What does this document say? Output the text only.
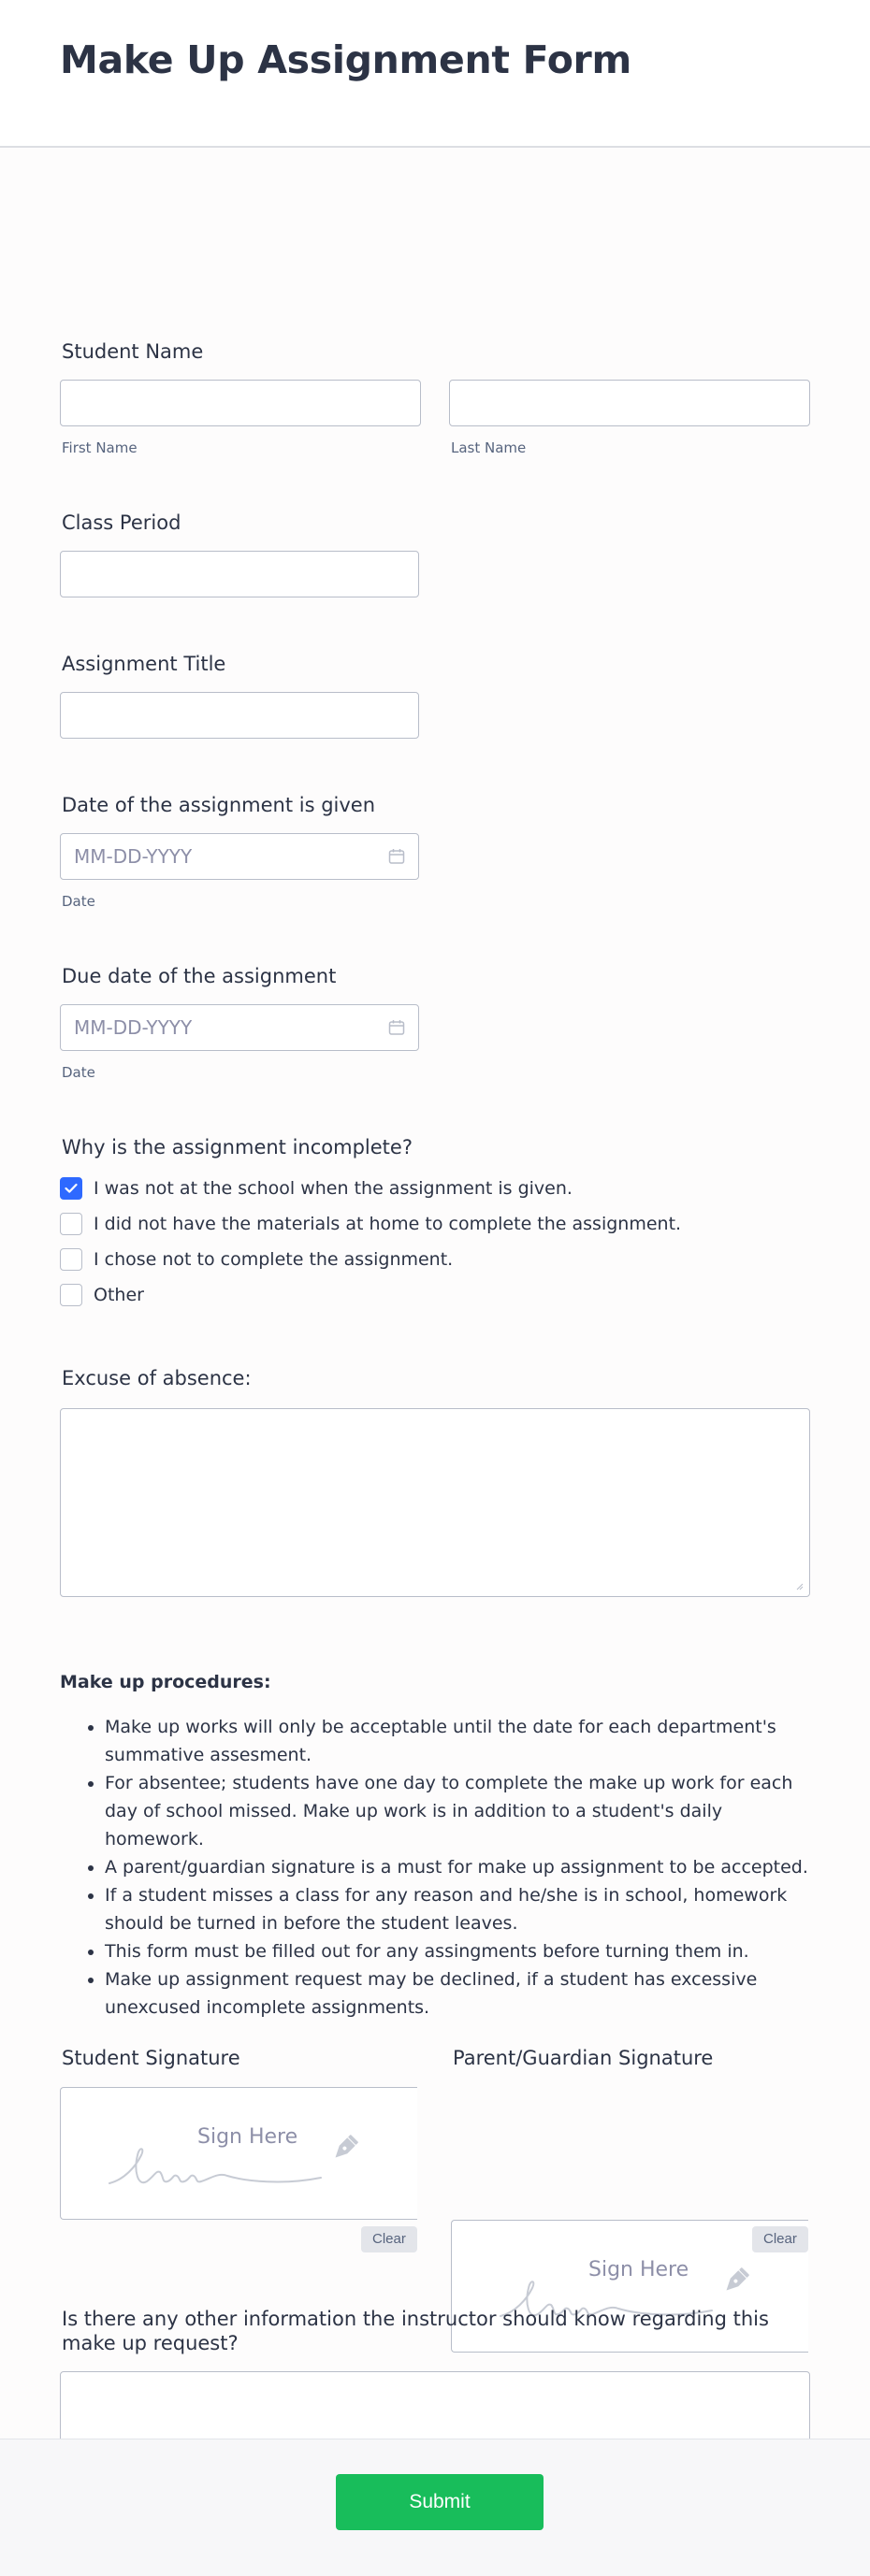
Make Up Assignment Form
Student Name
First Name	Last Name
Class Period
Assignment Title
Date of the assignment is given
MM-DD-YYYY
Date
Due date of the assignment
MM-DD-YYYY
Date
Why is the assignment incomplete?
I was not at the school when the assignment is given.
I did not have the materials at home to complete the assignment.
I chose not to complete the assignment.
Other
Excuse of absence:
Make up procedures:
• Make up works will only be acceptable until the date for each department's summative assesment.
• For absentee; students have one day to complete the make up work for each day of school missed. Make up work is in addition to a student's daily homework.
• A parent/guardian signature is a must for make up assignment to be accepted.
• If a student misses a class for any reason and he/she is in school, homework should be turned in before the student leaves.
• This form must be filled out for any assingments before turning them in.
• Make up assignment request may be declined, if a student has excessive unexcused incomplete assignments.
Student Signature
Sign Here
Clear
Parent/Guardian Signature
Sign Here
Clear
Is there any other information the instructor should know regarding this make up request?
Submit
